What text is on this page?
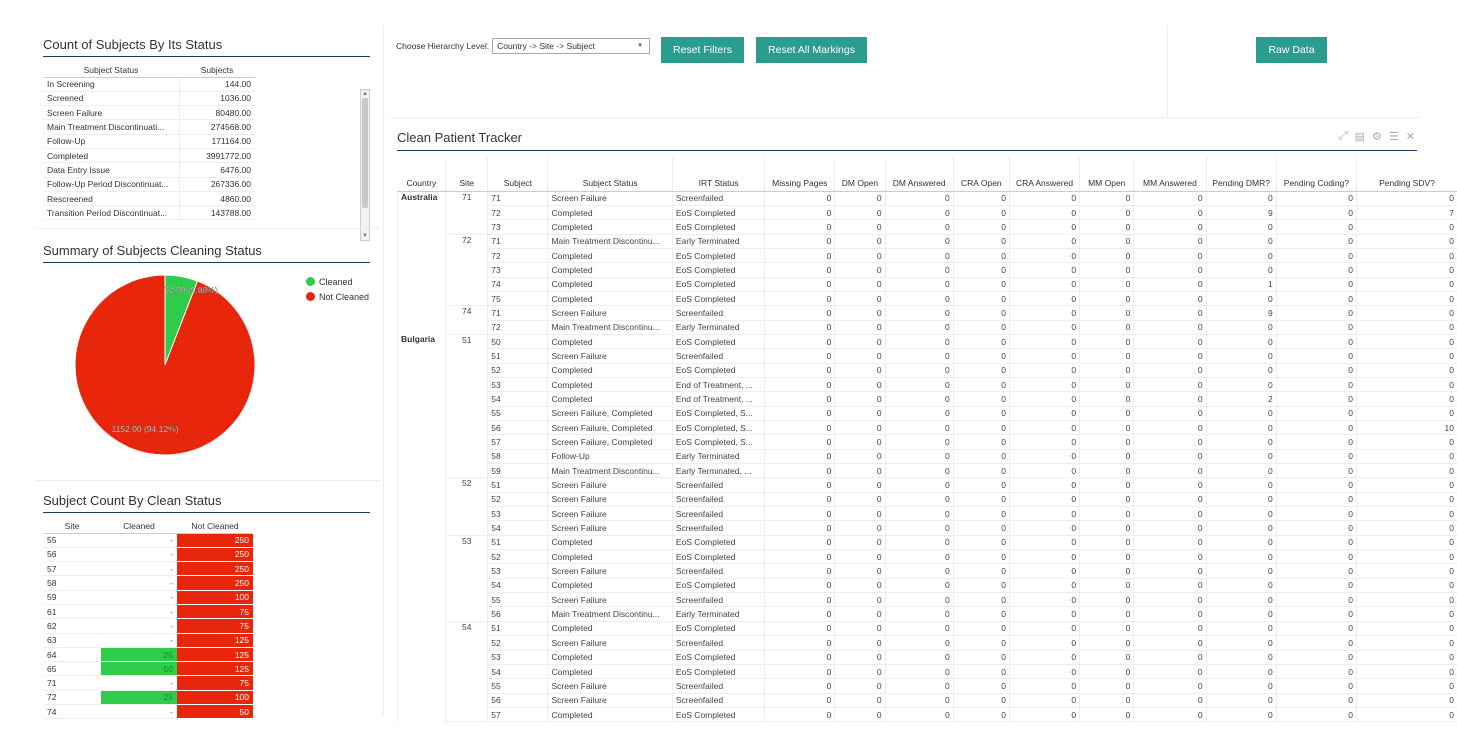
Count of Subjects By Its Status
Subject Status	Subjects
In Screening	144.00
Screened	1036.00
Screen Failure	80480.00
Main Treatment Discontinuati...	274568.00
Follow-Up	171164.00
Completed	3991772.00
Data Entry Issue	6476.00
Follow-Up Period Discontinuat...	267336.00
Rescreened	4860.00
Transition Period Discontinuat...	143788.00
▲
▼
Summary of Subjects Cleaning Status
72.00 (5.88%)
1152.00 (94.12%)
Cleaned
Not Cleaned
Subject Count By Clean Status
Site	Cleaned	Not Cleaned
55	-	250
56	-	250
57	-	250
58	-	250
59	-	100
61	-	75
62	-	75
63	-	125
64	25	125
65	50	125
71	-	75
72	25	100
74	-	50
Choose Hierarchy Level: Country -> Site -> Subject	▼	Reset Filters	Reset All Markings	Raw Data
Clean Patient Tracker	⤢ ▤ ⚙ ☰ ✕
Country	Site	Subject	Subject Status	IRT Status	Missing Pages	DM Open	DM Answered	CRA Open	CRA Answered	MM Open	MM Answered	Pending DMR?	Pending Coding?	Pending SDV?
Australia	71	71	Screen Failure	Screenfailed	0	0	0	0	0	0	0	0	0	0
		72	Completed	EoS Completed	0	0	0	0	0	0	0	9	0	7
		73	Completed	EoS Completed	0	0	0	0	0	0	0	0	0	0
	72	71	Main Treatment Discontinu...	Early Terminated	0	0	0	0	0	0	0	0	0	0
		72	Completed	EoS Completed	0	0	0	0	0	0	0	0	0	0
		73	Completed	EoS Completed	0	0	0	0	0	0	0	0	0	0
		74	Completed	EoS Completed	0	0	0	0	0	0	0	1	0	0
		75	Completed	EoS Completed	0	0	0	0	0	0	0	0	0	0
	74	71	Screen Failure	Screenfailed	0	0	0	0	0	0	0	9	0	0
		72	Main Treatment Discontinu...	Early Terminated	0	0	0	0	0	0	0	0	0	0
Bulgaria	51	50	Completed	EoS Completed	0	0	0	0	0	0	0	0	0	0
		51	Screen Failure	Screenfailed	0	0	0	0	0	0	0	0	0	0
		52	Completed	EoS Completed	0	0	0	0	0	0	0	0	0	0
		53	Completed	End of Treatment, ...	0	0	0	0	0	0	0	0	0	0
		54	Completed	End of Treatment, ...	0	0	0	0	0	0	0	2	0	0
		55	Screen Failure, Completed	EoS Completed, S...	0	0	0	0	0	0	0	0	0	0
		56	Screen Failure, Completed	EoS Completed, S...	0	0	0	0	0	0	0	0	0	10
		57	Screen Failure, Completed	EoS Completed, S...	0	0	0	0	0	0	0	0	0	0
		58	Follow-Up	Early Terminated	0	0	0	0	0	0	0	0	0	0
		59	Main Treatment Discontinu...	Early Terminated, ...	0	0	0	0	0	0	0	0	0	0
	52	51	Screen Failure	Screenfailed	0	0	0	0	0	0	0	0	0	0
		52	Screen Failure	Screenfailed	0	0	0	0	0	0	0	0	0	0
		53	Screen Failure	Screenfailed	0	0	0	0	0	0	0	0	0	0
		54	Screen Failure	Screenfailed	0	0	0	0	0	0	0	0	0	0
	53	51	Completed	EoS Completed	0	0	0	0	0	0	0	0	0	0
		52	Completed	EoS Completed	0	0	0	0	0	0	0	0	0	0
		53	Screen Failure	Screenfailed	0	0	0	0	0	0	0	0	0	0
		54	Completed	EoS Completed	0	0	0	0	0	0	0	0	0	0
		55	Screen Failure	Screenfailed	0	0	0	0	0	0	0	0	0	0
		56	Main Treatment Discontinu...	Early Terminated	0	0	0	0	0	0	0	0	0	0
	54	51	Completed	EoS Completed	0	0	0	0	0	0	0	0	0	0
		52	Screen Failure	Screenfailed	0	0	0	0	0	0	0	0	0	0
		53	Completed	EoS Completed	0	0	0	0	0	0	0	0	0	0
		54	Completed	EoS Completed	0	0	0	0	0	0	0	0	0	0
		55	Screen Failure	Screenfailed	0	0	0	0	0	0	0	0	0	0
		56	Screen Failure	Screenfailed	0	0	0	0	0	0	0	0	0	0
		57	Completed	EoS Completed	0	0	0	0	0	0	0	0	0	0
